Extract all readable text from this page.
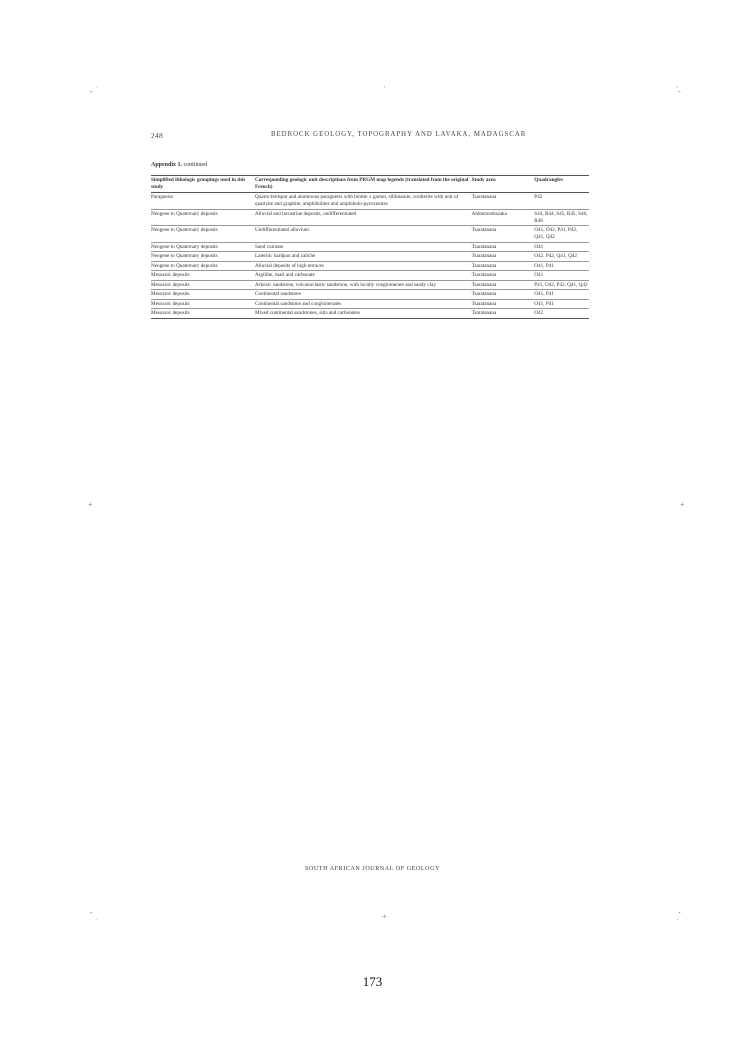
- ·	·	-
·
+	+
-
·	+	-
·
248	BEDROCK GEOLOGY, TOPOGRAPHY AND LAVAKA, MADAGSCAR
Appendix 1. continued
Simplified lithologic groupings used in this study	Corresponding geologic unit descriptions from PRGM map legends (translated from the original French)	Study area	Quadrangles
Paragneiss	Quartz-feldspar and aluminous paragneiss with biotite ± garnet, sillimanite, cordierite with unit of quartzite and graphite, amphibolites and amphibolo-pyroxenites	Tsaratanana	P42
Neogene to Quaternary deposits	Alluvial and lacustrine deposits, undifferentiated	Ambatondrazaka	S44, R44, S45, R45, S46, R46
Neogene to Quaternary deposits	Undifferentiated alluvium	Tsaratanana	O41, O42, P41, P42, Q41, Q42
Neogene to Quaternary deposits	Sand cuirasse	Tsaratanana	O41
Neogene to Quaternary deposits	Lateritic hardpan and caliche	Tsaratanana	O42, P42, Q41, Q42
Neogene to Quaternary deposits	Alluvial deposits of high terraces	Tsaratanana	O41, P41
Mesozoic deposits	Argillite, marl and carbonate	Tsaratanana	O41
Mesozoic deposits	Arkosic sandstone, volcanoclastic sandstone, with locally conglomerate and sandy clay	Tsaratanana	P41, O42, P42, Q41, Q42
Mesozoic deposits	Continental sandstone	Tsaratanana	O41, P41
Mesozoic deposits	Continental sandstone and conglomerates	Tsaratanana	O41, P41
Mesozoic deposits	Mixed continental sandstones, silts and carbonates	Tsaratanana	O42
SOUTH AFRICAN JOURNAL OF GEOLOGY
173
